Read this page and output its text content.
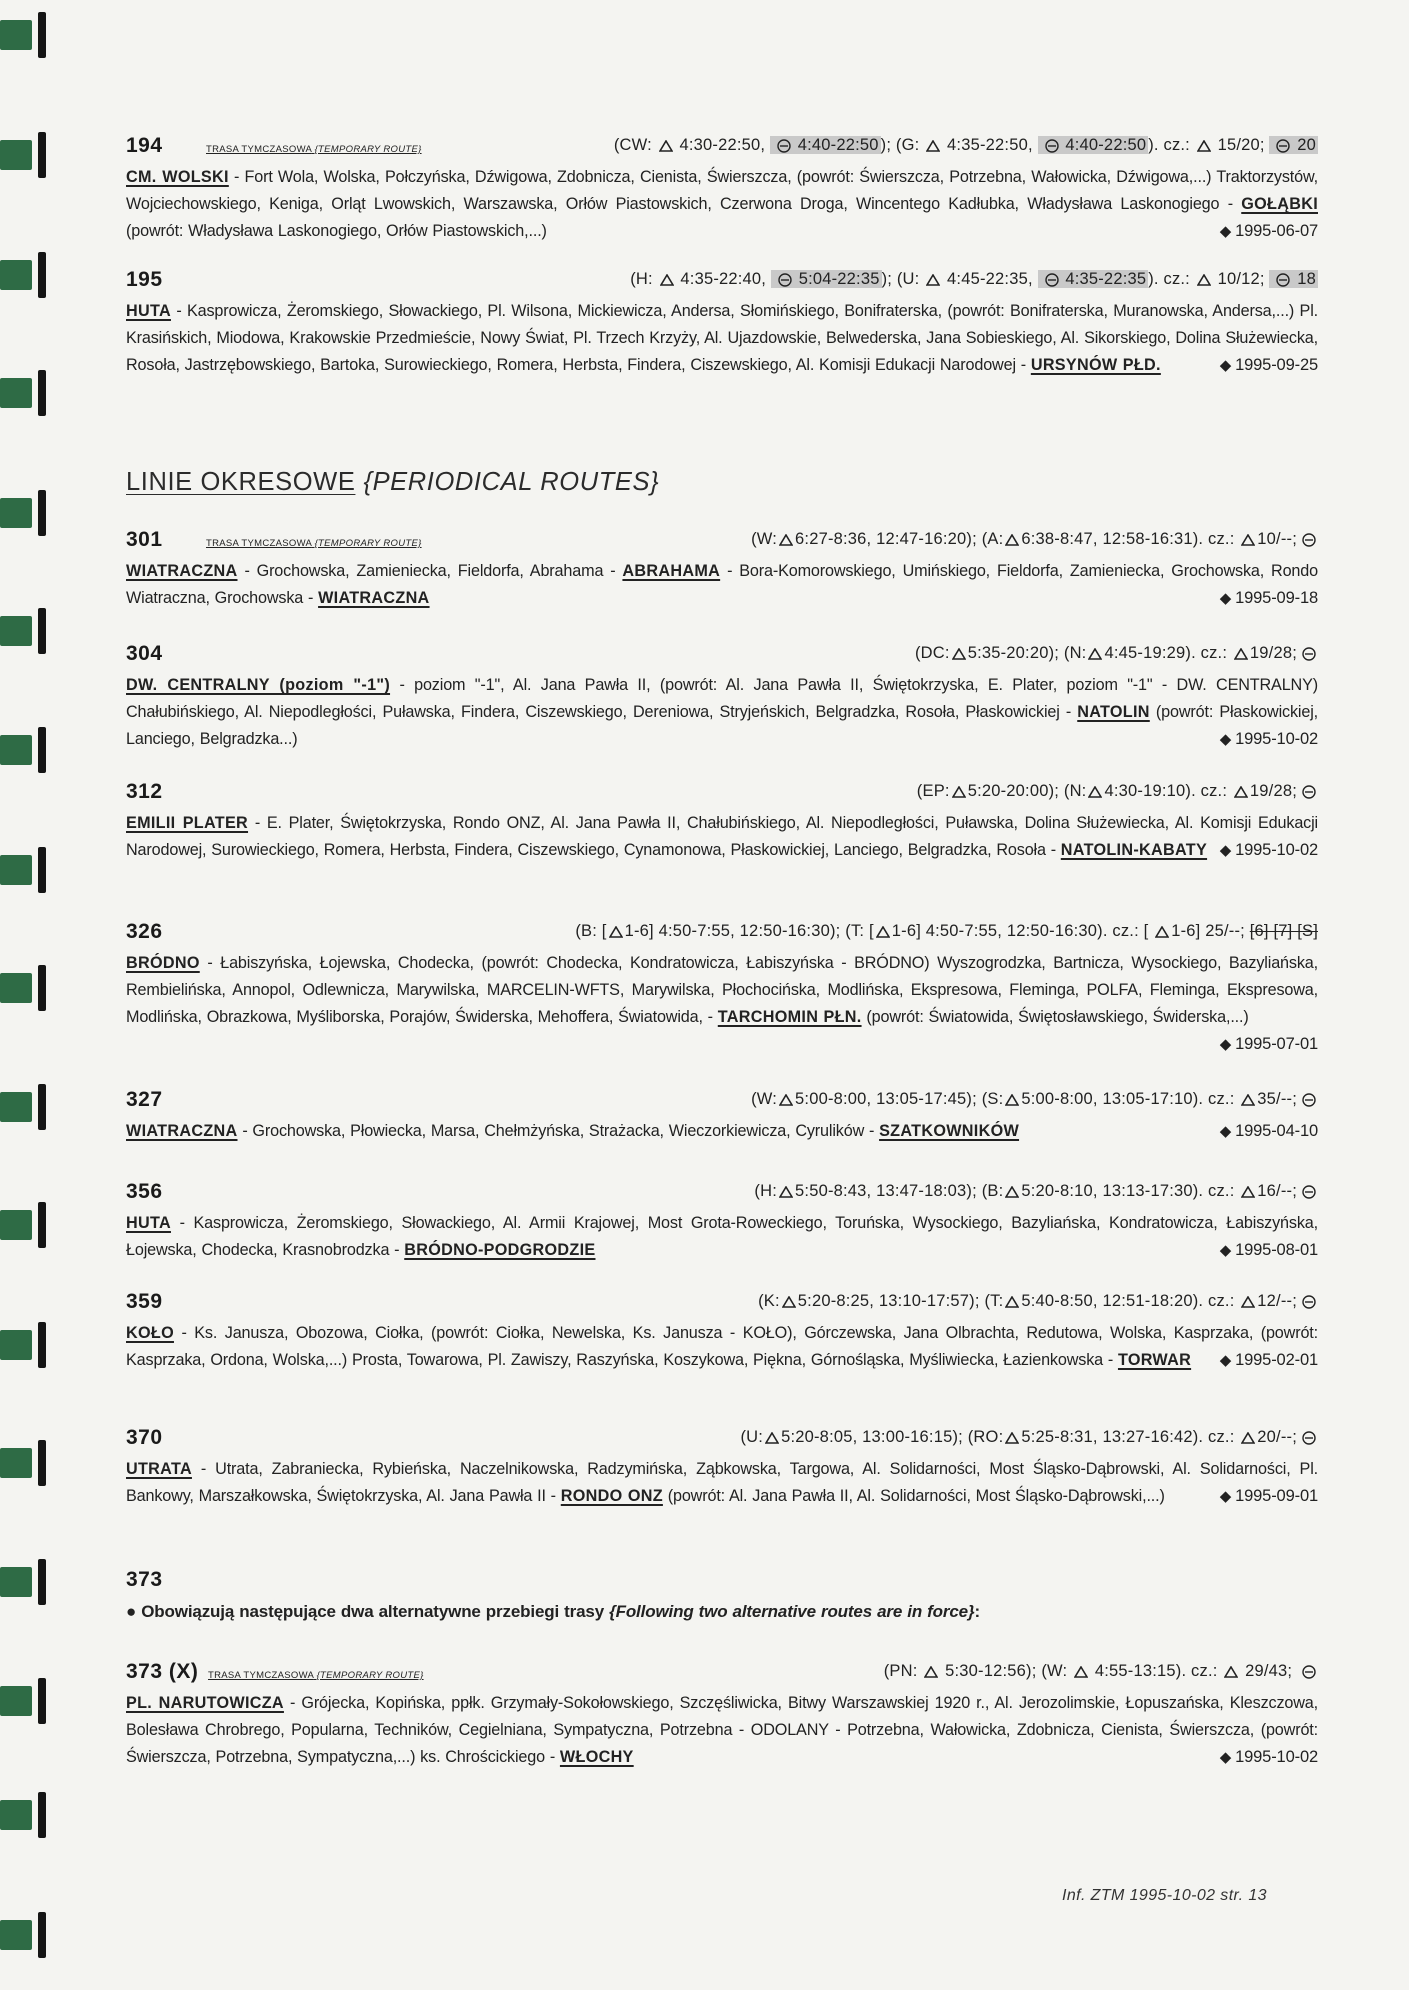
194	TRASA TYMCZASOWA {TEMPORARY ROUTE}	(CW: 4:30-22:50, 4:40-22:50 ); (G: 4:35-22:50, 4:40-22:50 ). cz.: 15/20; 20
CM. WOLSKI - Fort Wola, Wolska, Połczyńska, Dźwigowa, Zdobnicza, Cienista, Świerszcza, (powrót: Świerszcza, Potrzebna, Wałowicka, Dźwigowa,...) Traktorzystów, Wojciechowskiego, Keniga, Orląt Lwowskich, Warszawska, Orłów Piastowskich, Czerwona Droga, Wincentego Kadłubka, Władysława Laskonogiego - GOŁĄBKI (powrót: Władysława Laskonogiego, Orłów Piastowskich,...)	◆ 1995-06-07
195	(H: 4:35-22:40, 5:04-22:35 ); (U: 4:45-22:35, 4:35-22:35 ). cz.: 10/12; 18
HUTA - Kasprowicza, Żeromskiego, Słowackiego, Pl. Wilsona, Mickiewicza, Andersa, Słomińskiego, Bonifraterska, (powrót: Bonifraterska, Muranowska, Andersa,...) Pl. Krasińskich, Miodowa, Krakowskie Przedmieście, Nowy Świat, Pl. Trzech Krzyży, Al. Ujazdowskie, Belwederska, Jana Sobieskiego, Al. Sikorskiego, Dolina Służewiecka, Rosoła, Jastrzębowskiego, Bartoka, Surowieckiego, Romera, Herbsta, Findera, Ciszewskiego, Al. Komisji Edukacji Narodowej - URSYNÓW PŁD.	◆ 1995-09-25
LINIE OKRESOWE {PERIODICAL ROUTES}
301	TRASA TYMCZASOWA {TEMPORARY ROUTE}	(W: 6:27-8:36, 12:47-16:20); (A: 6:38-8:47, 12:58-16:31). cz.: 10/--;
WIATRACZNA - Grochowska, Zamieniecka, Fieldorfa, Abrahama - ABRAHAMA - Bora-Komorowskiego, Umińskiego, Fieldorfa, Zamieniecka, Grochowska, Rondo Wiatraczna, Grochowska - WIATRACZNA	◆ 1995-09-18
304	(DC: 5:35-20:20); (N: 4:45-19:29). cz.: 19/28;
DW. CENTRALNY (poziom "-1") - poziom "-1", Al. Jana Pawła II, (powrót: Al. Jana Pawła II, Świętokrzyska, E. Plater, poziom "-1" - DW. CENTRALNY) Chałubińskiego, Al. Niepodległości, Puławska, Findera, Ciszewskiego, Dereniowa, Stryjeńskich, Belgradzka, Rosoła, Płaskowickiej - NATOLIN (powrót: Płaskowickiej, Lanciego, Belgradzka...)	◆ 1995-10-02
312	(EP: 5:20-20:00); (N: 4:30-19:10). cz.: 19/28;
EMILII PLATER - E. Plater, Świętokrzyska, Rondo ONZ, Al. Jana Pawła II, Chałubińskiego, Al. Niepodległości, Puławska, Dolina Służewiecka, Al. Komisji Edukacji Narodowej, Surowieckiego, Romera, Herbsta, Findera, Ciszewskiego, Cynamonowa, Płaskowickiej, Lanciego, Belgradzka, Rosoła - NATOLIN-KABATY ◆ 1995-10-02
326	(B: [ 1-6] 4:50-7:55, 12:50-16:30); (T: [ 1-6] 4:50-7:55, 12:50-16:30). cz.: [ 1-6] 25/--; [6] [7] [S]
BRÓDNO - Łabiszyńska, Łojewska, Chodecka, (powrót: Chodecka, Kondratowicza, Łabiszyńska - BRÓDNO) Wyszogrodzka, Bartnicza, Wysockiego, Bazyliańska, Rembielińska, Annopol, Odlewnicza, Marywilska, MARCELIN-WFTS, Marywilska, Płochocińska, Modlińska, Ekspresowa, Fleminga, POLFA, Fleminga, Ekspresowa, Modlińska, Obrazkowa, Myśliborska, Porajów, Świderska, Mehoffera, Światowida, - TARCHOMIN PŁN. (powrót: Światowida, Świętosławskiego, Świderska,...)
◆ 1995-07-01
327	(W: 5:00-8:00, 13:05-17:45); (S: 5:00-8:00, 13:05-17:10). cz.: 35/--;
WIATRACZNA - Grochowska, Płowiecka, Marsa, Chełmżyńska, Strażacka, Wieczorkiewicza, Cyrulików - SZATKOWNIKÓW	◆ 1995-04-10
356	(H: 5:50-8:43, 13:47-18:03); (B: 5:20-8:10, 13:13-17:30). cz.: 16/--;
HUTA - Kasprowicza, Żeromskiego, Słowackiego, Al. Armii Krajowej, Most Grota-Roweckiego, Toruńska, Wysockiego, Bazyliańska, Kondratowicza, Łabiszyńska, Łojewska, Chodecka, Krasnobrodzka - BRÓDNO-PODGRODZIE	◆ 1995-08-01
359	(K: 5:20-8:25, 13:10-17:57); (T: 5:40-8:50, 12:51-18:20). cz.: 12/--;
KOŁO - Ks. Janusza, Obozowa, Ciołka, (powrót: Ciołka, Newelska, Ks. Janusza - KOŁO), Górczewska, Jana Olbrachta, Redutowa, Wolska, Kasprzaka, (powrót: Kasprzaka, Ordona, Wolska,...) Prosta, Towarowa, Pl. Zawiszy, Raszyńska, Koszykowa, Piękna, Górnośląska, Myśliwiecka, Łazienkowska - TORWAR ◆ 1995-02-01
370	(U: 5:20-8:05, 13:00-16:15); (RO: 5:25-8:31, 13:27-16:42). cz.: 20/--;
UTRATA - Utrata, Zabraniecka, Rybieńska, Naczelnikowska, Radzymińska, Ząbkowska, Targowa, Al. Solidarności, Most Śląsko-Dąbrowski, Al. Solidarności, Pl. Bankowy, Marszałkowska, Świętokrzyska, Al. Jana Pawła II - RONDO ONZ (powrót: Al. Jana Pawła II, Al. Solidarności, Most Śląsko-Dąbrowski,...)	◆ 1995-09-01
373
● Obowiązują następujące dwa alternatywne przebiegi trasy {Following two alternative routes are in force}:
373 (X) TRASA TYMCZASOWA {TEMPORARY ROUTE}	(PN: 5:30-12:56); (W: 4:55-13:15). cz.: 29/43;
PL. NARUTOWICZA - Grójecka, Kopińska, ppłk. Grzymały-Sokołowskiego, Szczęśliwicka, Bitwy Warszawskiej 1920 r., Al. Jerozolimskie, Łopuszańska, Kleszczowa, Bolesława Chrobrego, Popularna, Techników, Cegielniana, Sympatyczna, Potrzebna - ODOLANY - Potrzebna, Wałowicka, Zdobnicza, Cienista, Świerszcza, (powrót: Świerszcza, Potrzebna, Sympatyczna,...) ks. Chrościckiego - WŁOCHY	◆ 1995-10-02
Inf. ZTM 1995-10-02 str. 13
